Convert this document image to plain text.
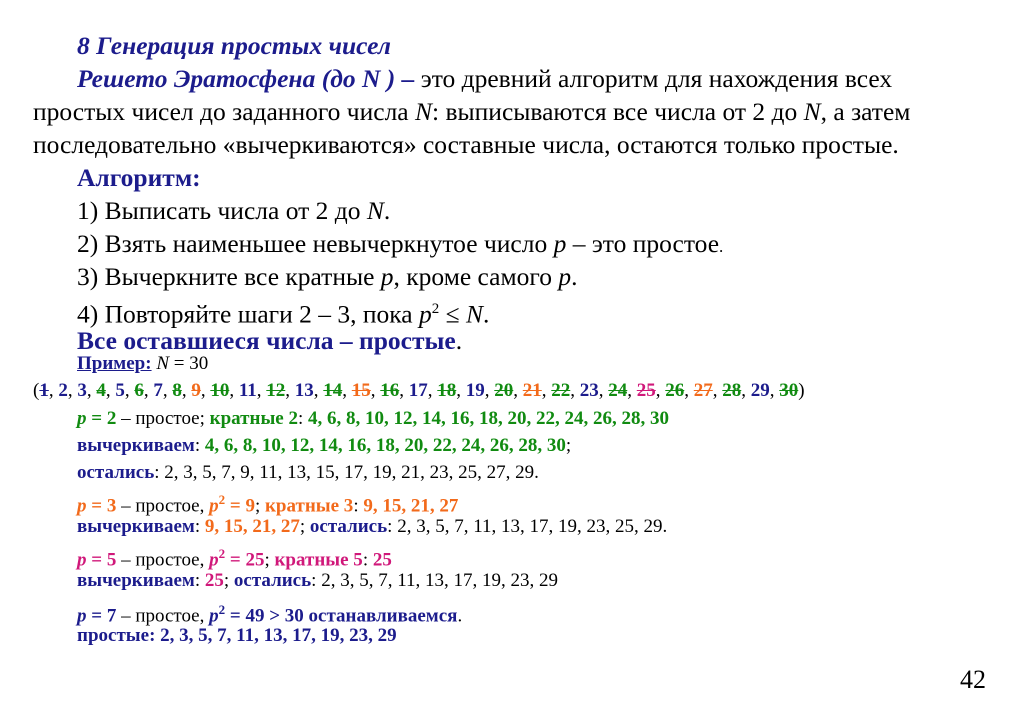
8 Генерация простых чисел
Решето Эратосфена (до N ) – это древний алгоритм для нахождения всех
простых чисел до заданного числа N: выписываются все числа от 2 до N, а затем
последовательно «вычеркиваются» составные числа, остаются только простые.
Алгоритм:
1) Выписать числа от 2 до N.
2) Взять наименьшее невычеркнутое число p – это простое.
3) Вычеркните все кратные p, кроме самого p.
4) Повторяйте шаги 2 – 3, пока $p^2 \le N$.
Все оставшиеся числа – простые.
Пример: N = 30
(1, 2, 3, 4, 5, 6, 7, 8, 9, 10, 11, 12, 13, 14, 15, 16, 17, 18, 19, 20, 21, 22, 23, 24, 25, 26, 27, 28, 29, 30)
p = 2 – простое; кратные 2: 4, 6, 8, 10, 12, 14, 16, 18, 20, 22, 24, 26, 28, 30
вычеркиваем: 4, 6, 8, 10, 12, 14, 16, 18, 20, 22, 24, 26, 28, 30;
остались: 2, 3, 5, 7, 9, 11, 13, 15, 17, 19, 21, 23, 25, 27, 29.
p = 3 – простое, $p^2 = 9$; кратные 3: 9, 15, 21, 27
вычеркиваем: 9, 15, 21, 27; остались: 2, 3, 5, 7, 11, 13, 17, 19, 23, 25, 29.
p = 5 – простое, $p^2 = 25$; кратные 5: 25
вычеркиваем: 25; остались: 2, 3, 5, 7, 11, 13, 17, 19, 23, 29
p = 7 – простое, $p^2 = 49 > 30$ останавливаемся.
простые: 2, 3, 5, 7, 11, 13, 17, 19, 23, 29
42
